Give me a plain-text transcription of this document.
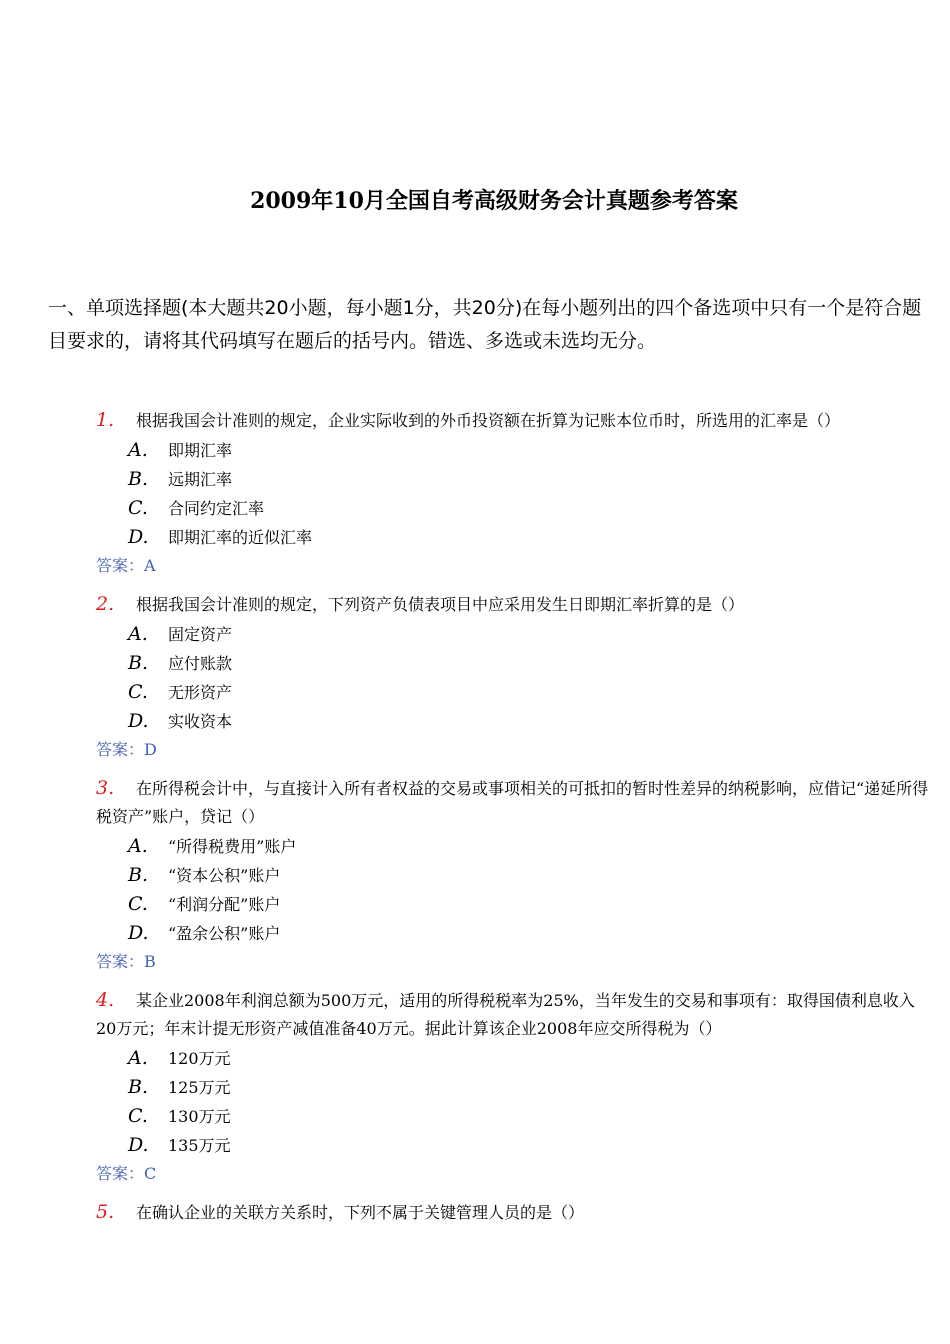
2009年10月全国自考高级财务会计真题参考答案
一、单项选择题(本大题共20小题，每小题1分，共20分)在每小题列出的四个备选项中只有一个是符合题目要求的，请将其代码填写在题后的括号内。错选、多选或未选均无分。
1. 根据我国会计准则的规定，企业实际收到的外币投资额在折算为记账本位币时，所选用的汇率是（）
A. 即期汇率
B. 远期汇率
C. 合同约定汇率
D. 即期汇率的近似汇率
答案：A
2. 根据我国会计准则的规定，下列资产负债表项目中应采用发生日即期汇率折算的是（）
A. 固定资产
B. 应付账款
C. 无形资产
D. 实收资本
答案：D
3. 在所得税会计中，与直接计入所有者权益的交易或事项相关的可抵扣的暂时性差异的纳税影响，应借记“递延所得税资产”账户，贷记（）
A. “所得税费用”账户
B. “资本公积”账户
C. “利润分配”账户
D. “盈余公积”账户
答案：B
4. 某企业2008年利润总额为500万元，适用的所得税税率为25%，当年发生的交易和事项有：取得国债利息收入20万元；年末计提无形资产减值准备40万元。据此计算该企业2008年应交所得税为（）
A. 120万元
B. 125万元
C. 130万元
D. 135万元
答案：C
5. 在确认企业的关联方关系时，下列不属于关键管理人员的是（）
